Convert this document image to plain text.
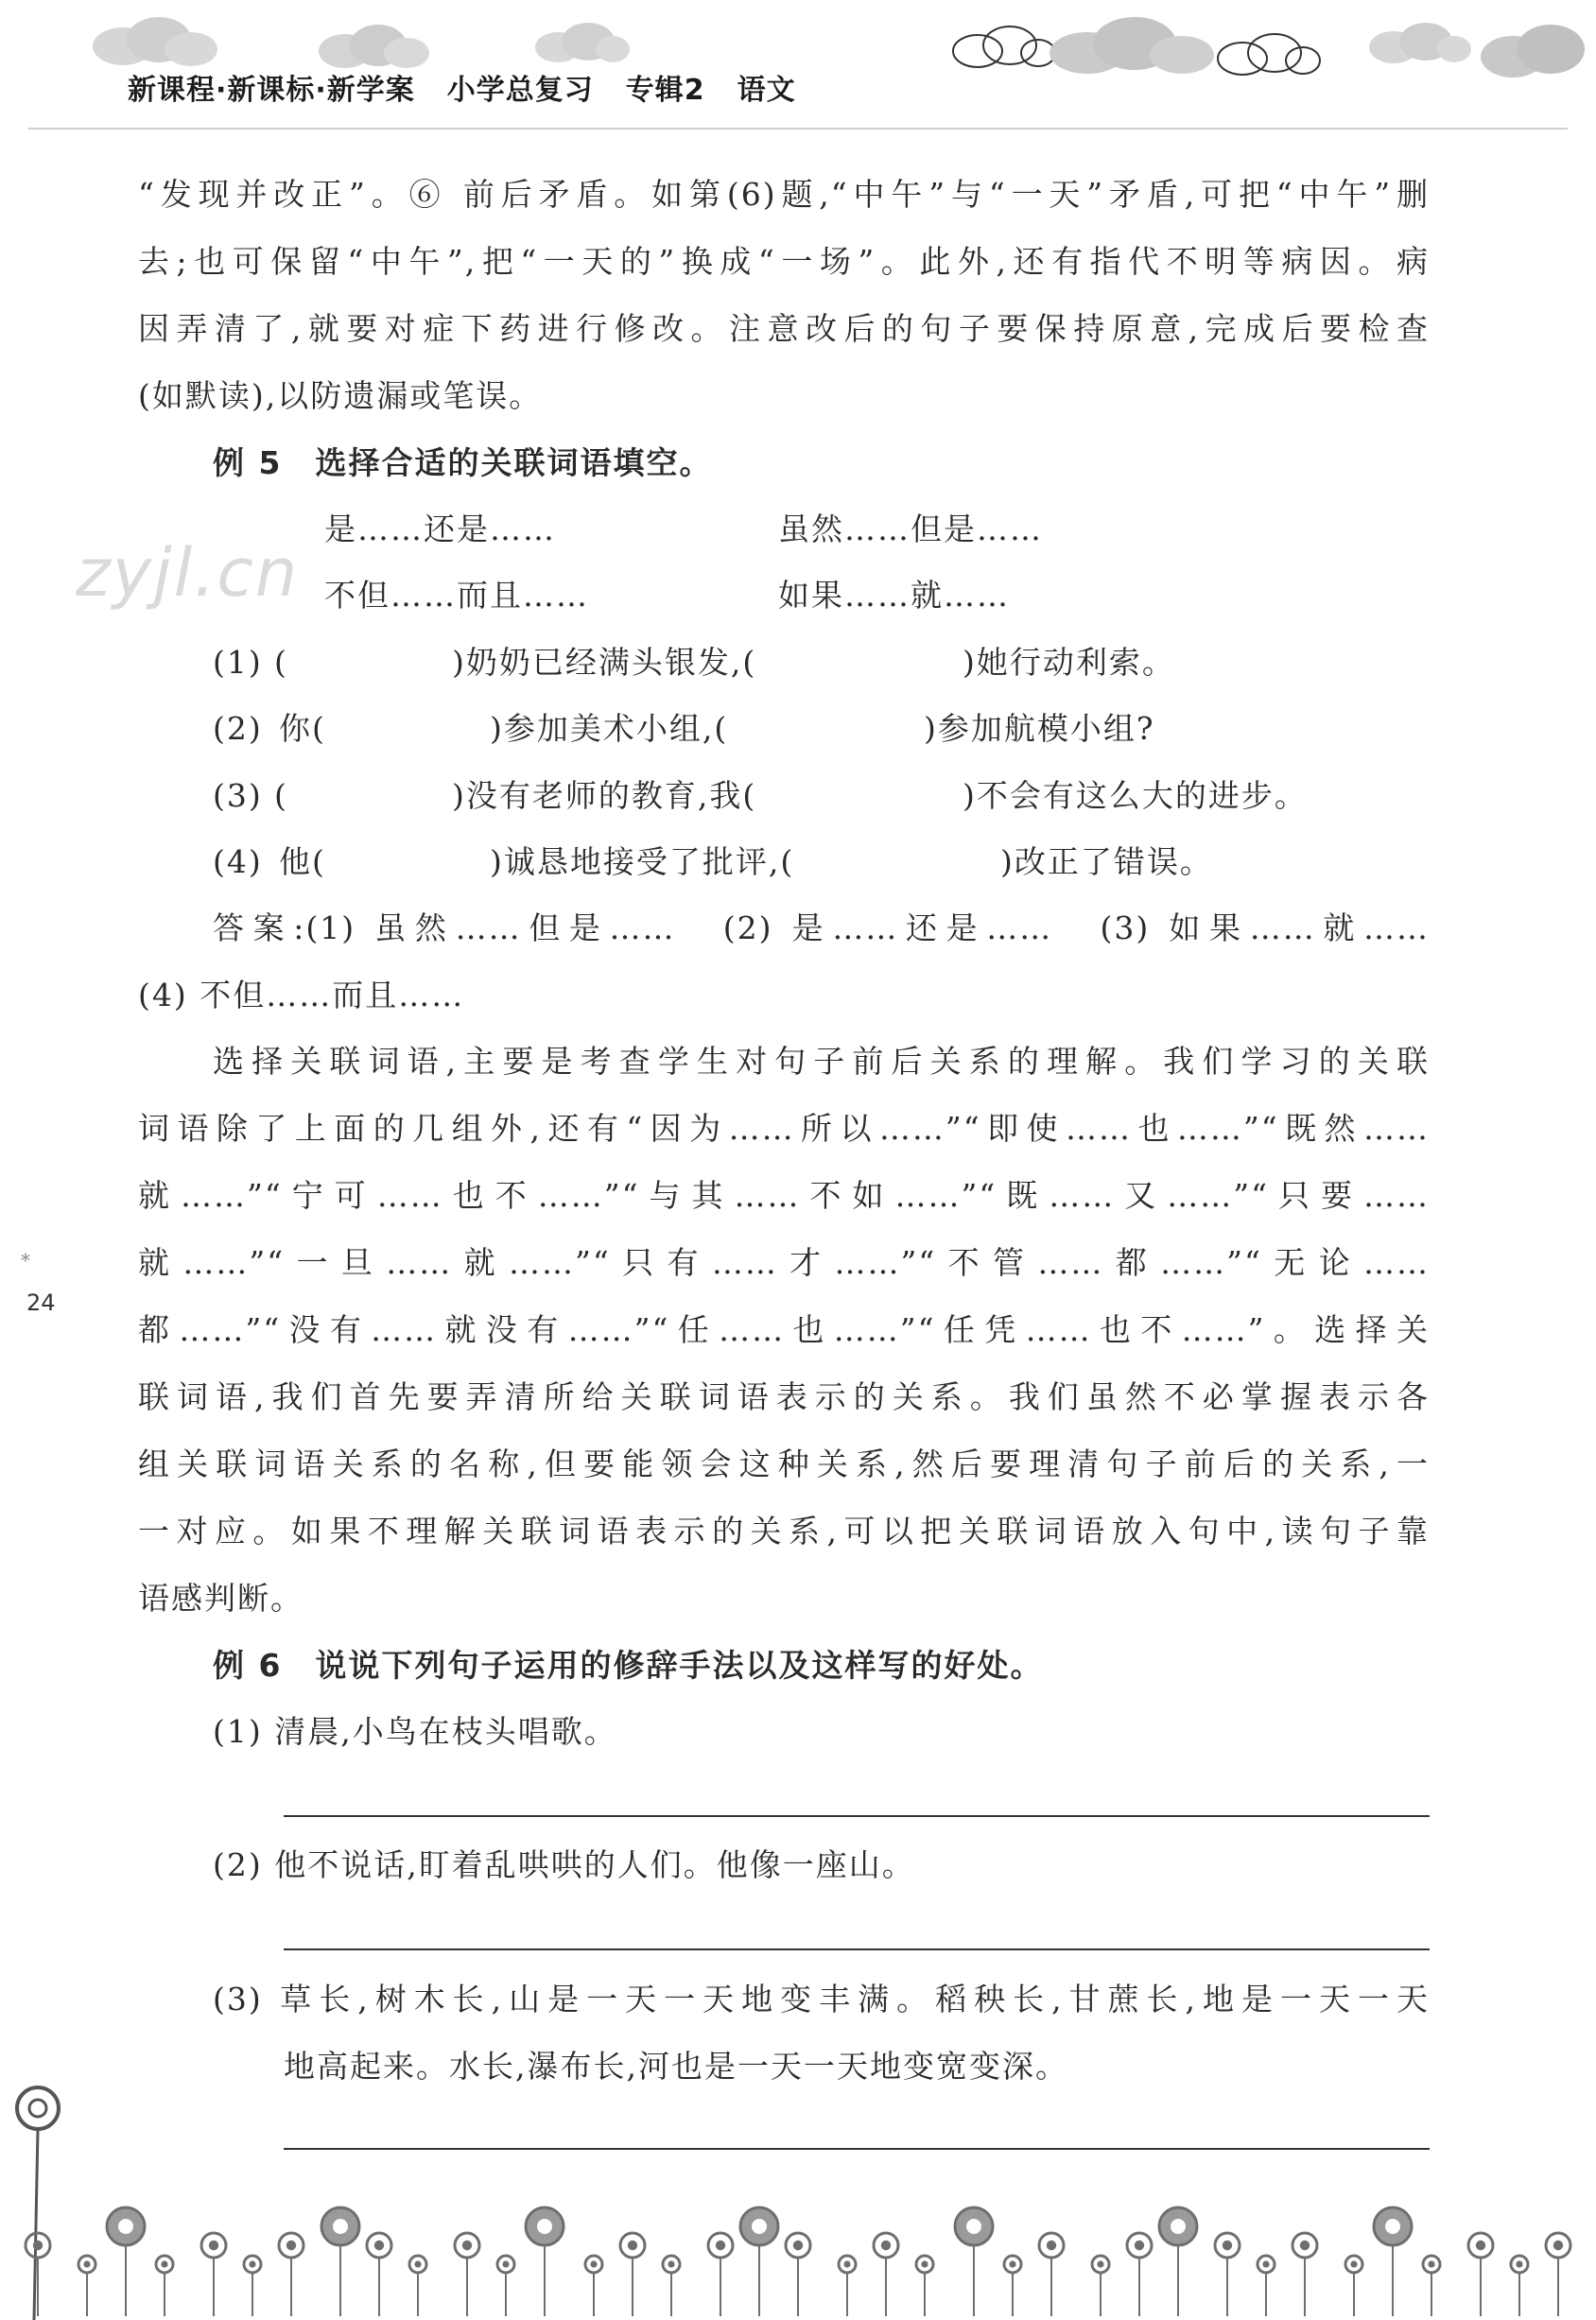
新课程·新课标·新学案 小学总复习 专辑2 语文
zyjl.cn
“发现并改正”。⑥ 前后矛盾。如第(6)题,“中午”与“一天”矛盾,可把“中午”删
去;也可保留“中午”,把“一天的”换成“一场”。此外,还有指代不明等病因。病
因弄清了,就要对症下药进行修改。注意改后的句子要保持原意,完成后要检查
(如默读),以防遗漏或笔误。
例 5　 选择合适的关联词语填空。
是……还是……	虽然……但是……
不但……而且……	如果……就……
(1) (	)奶奶已经满头银发,(	)她行动利索。
(2) 你(	)参加美术小组,(	)参加航模小组?
(3) (	)没有老师的教育,我(	)不会有这么大的进步。
(4) 他(	)诚恳地接受了批评,(	)改正了错误。
答案:(1) 虽然……但是……　(2) 是……还是……　(3) 如果……就……
(4) 不但……而且……
选择关联词语,主要是考查学生对句子前后关系的理解。我们学习的关联
词语除了上面的几组外,还有“因为……所以……”“即使……也……”“既然……
就……”“宁可……也不……”“与其……不如……”“既……又……”“只要……
就……”“一旦……就……”“只有……才……”“不管……都……”“无论……
都……”“没有……就没有……”“任……也……”“任凭……也不……”。选择关
联词语,我们首先要弄清所给关联词语表示的关系。我们虽然不必掌握表示各
组关联词语关系的名称,但要能领会这种关系,然后要理清句子前后的关系,一
一对应。如果不理解关联词语表示的关系,可以把关联词语放入句中,读句子靠
语感判断。
24
例 6　 说说下列句子运用的修辞手法以及这样写的好处。
(1) 清晨,小鸟在枝头唱歌。
(2) 他不说话,盯着乱哄哄的人们。他像一座山。
(3) 草长,树木长,山是一天一天地变丰满。稻秧长,甘蔗长,地是一天一天
地高起来。水长,瀑布长,河也是一天一天地变宽变深。
*
